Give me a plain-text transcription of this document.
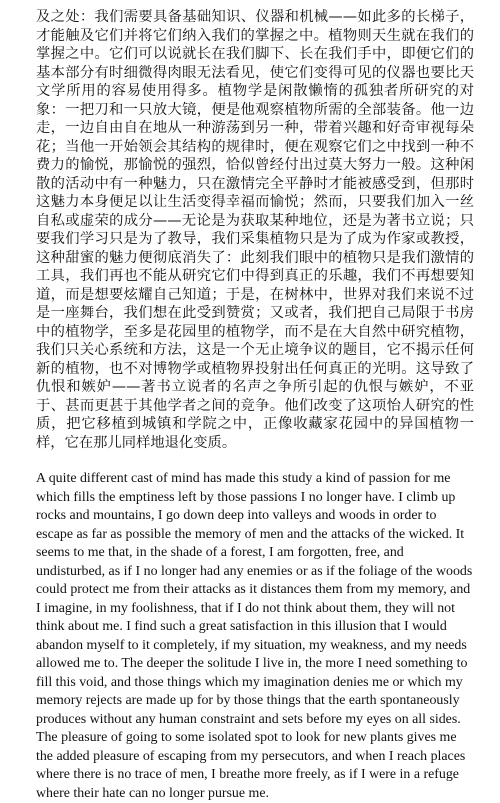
及之处：我们需要具备基础知识、仪器和机械——如此多的长梯子，才能触及它们并将它们纳入我们的掌握之中。植物则天生就在我们的掌握之中。它们可以说就长在我们脚下、长在我们手中，即便它们的基本部分有时细微得肉眼无法看见，使它们变得可见的仪器也要比天文学所用的容易使用得多。植物学是闲散懒惰的孤独者所研究的对象：一把刀和一只放大镜，便是他观察植物所需的全部装备。他一边走，一边自由自在地从一种游荡到另一种，带着兴趣和好奇审视每朵花；当他一开始领会其结构的规律时，便在观察它们之中找到一种不费力的愉悦，那愉悦的强烈，恰似曾经付出过莫大努力一般。这种闲散的活动中有一种魅力，只在激情完全平静时才能被感受到，但那时这魅力本身便足以让生活变得幸福而愉悦；然而，只要我们加入一丝自私或虚荣的成分——无论是为获取某种地位，还是为著书立说；只要我们学习只是为了教导，我们采集植物只是为了成为作家或教授，这种甜蜜的魅力便彻底消失了：此刻我们眼中的植物只是我们激情的工具，我们再也不能从研究它们中得到真正的乐趣，我们不再想要知道，而是想要炫耀自己知道；于是，在树林中，世界对我们来说不过是一座舞台，我们想在此受到赞赏；又或者，我们把自己局限于书房中的植物学，至多是花园里的植物学，而不是在大自然中研究植物，我们只关心系统和方法，这是一个无止境争议的题目，它不揭示任何新的植物，也不对博物学或植物界投射出任何真正的光明。这导致了仇恨和嫉妒——著书立说者的名声之争所引起的仇恨与嫉妒，不亚于、甚而更甚于其他学者之间的竞争。他们改变了这项怡人研究的性质，把它移植到城镇和学院之中，正像收藏家花园中的异国植物一样，它在那儿同样地退化变质。

A quite different cast of mind has made this study a kind of passion for me which fills the emptiness left by those passions I no longer have. I climb up rocks and mountains, I go down deep into valleys and woods in order to escape as far as possible the memory of men and the attacks of the wicked. It seems to me that, in the shade of a forest, I am forgotten, free, and undisturbed, as if I no longer had any enemies or as if the foliage of the woods could protect me from their attacks as it distances them from my memory, and I imagine, in my foolishness, that if I do not think about them, they will not think about me. I find such a great satisfaction in this illusion that I would abandon myself to it completely, if my situation, my weakness, and my needs allowed me to. The deeper the solitude I live in, the more I need something to fill this void, and those things which my imagination denies me or which my memory rejects are made up for by those things that the earth spontaneously produces without any human constraint and sets before my eyes on all sides. The pleasure of going to some isolated spot to look for new plants gives me the added pleasure of escaping from my persecutors, and when I reach places where there is no trace of men, I breathe more freely, as if I were in a refuge where their hate can no longer pursue me.
